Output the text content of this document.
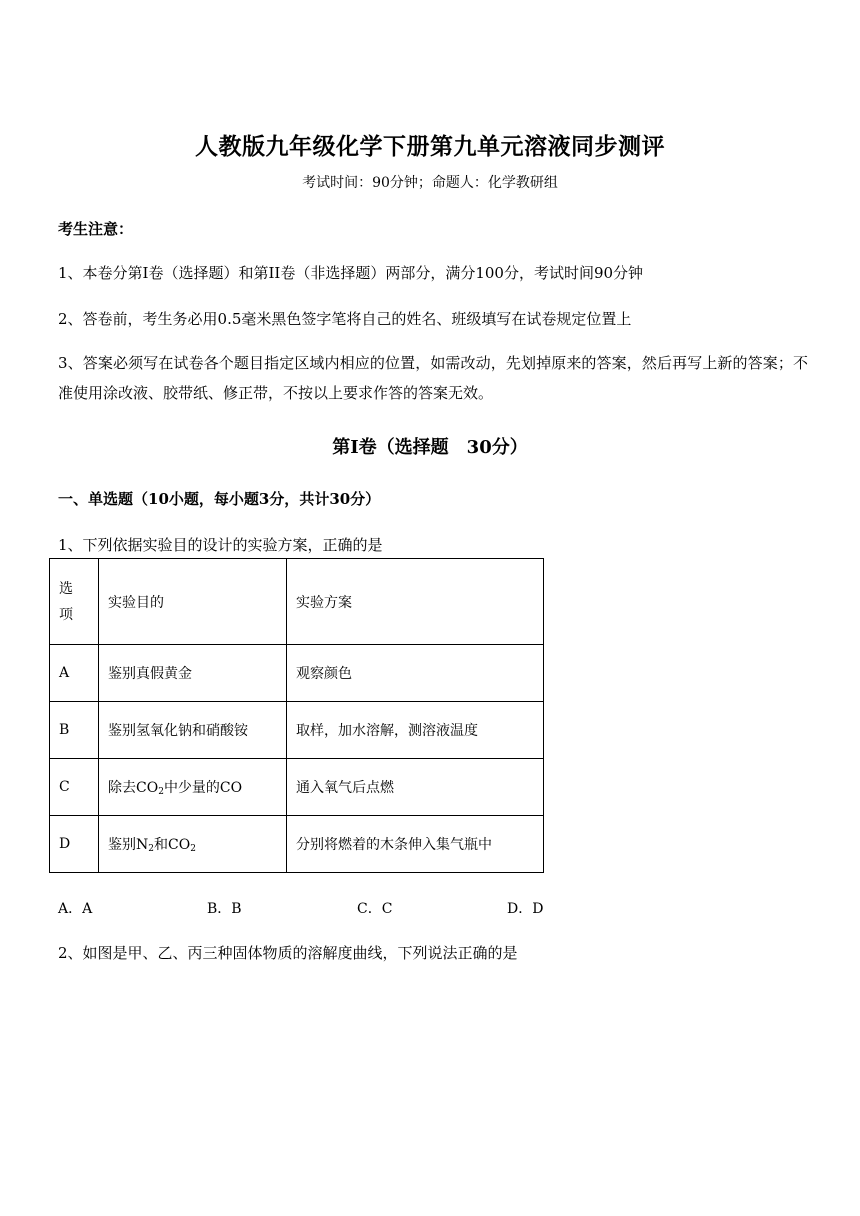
人教版九年级化学下册第九单元溶液同步测评
考试时间：90分钟；命题人：化学教研组
考生注意：
1、本卷分第I卷（选择题）和第II卷（非选择题）两部分，满分100分，考试时间90分钟
2、答卷前，考生务必用0.5毫米黑色签字笔将自己的姓名、班级填写在试卷规定位置上
3、答案必须写在试卷各个题目指定区域内相应的位置，如需改动，先划掉原来的答案，然后再写上新的答案；不准使用涂改液、胶带纸、修正带，不按以上要求作答的答案无效。
第I卷（选择题　30分）
一、单选题（10小题，每小题3分，共计30分）
1、下列依据实验目的设计的实验方案，正确的是
选
项	实验目的	实验方案
A	鉴别真假黄金	观察颜色
B	鉴别氢氧化钠和硝酸铵	取样，加水溶解，测溶液温度
C	除去$CO_2$中少量的CO	通入氧气后点燃
D	鉴别$N_2$和$CO_2$	分别将燃着的木条伸入集气瓶中
A．A	B．B	C．C	D．D
2、如图是甲、乙、丙三种固体物质的溶解度曲线，下列说法正确的是
